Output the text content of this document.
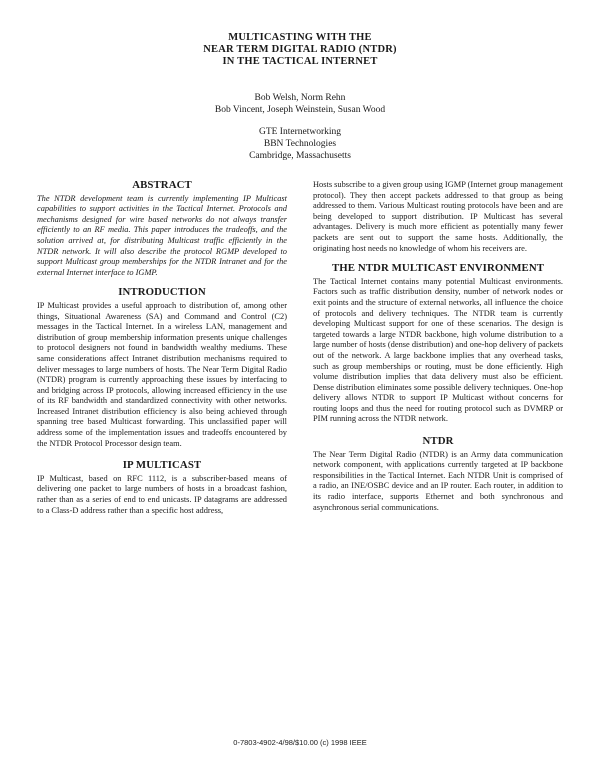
MULTICASTING WITH THE
NEAR TERM DIGITAL RADIO (NTDR)
IN THE TACTICAL INTERNET
Bob Welsh, Norm Rehn
Bob Vincent, Joseph Weinstein, Susan Wood
GTE Internetworking
BBN Technologies
Cambridge, Massachusetts
ABSTRACT

The NTDR development team is currently implementing IP Multicast capabilities to support activities in the Tactical Internet. Protocols and mechanisms designed for wire based networks do not always transfer efficiently to an RF media. This paper introduces the tradeoffs, and the solution arrived at, for distributing Multicast traffic efficiently in the NTDR network. It will also describe the protocol RGMP developed to support Multicast group memberships for the NTDR Intranet and for the external Internet interface to IGMP.

INTRODUCTION

IP Multicast provides a useful approach to distribution of, among other things, Situational Awareness (SA) and Command and Control (C2) messages in the Tactical Internet. In a wireless LAN, management and distribution of group membership information presents unique challenges to protocol designers not found in bandwidth wealthy mediums. These same considerations affect Intranet distribution mechanisms required to deliver messages to large numbers of hosts. The Near Term Digital Radio (NTDR) program is currently approaching these issues by interfacing to and bridging across IP protocols, allowing increased efficiency in the use of its RF bandwidth and standardized connectivity with other networks. Increased Intranet distribution efficiency is also being achieved through spanning tree based Multicast forwarding. This unclassified paper will address some of the implementation issues and tradeoffs encountered by the NTDR Protocol Processor design team.

IP MULTICAST

IP Multicast, based on RFC 1112, is a subscriber-based means of delivering one packet to large numbers of hosts in a broadcast fashion, rather than as a series of end to end unicasts. IP datagrams are addressed to a Class-D address rather than a specific host address,

Hosts subscribe to a given group using IGMP (Internet group management protocol). They then accept packets addressed to that group as being addressed to them. Various Multicast routing protocols have been and are being developed to support distribution. IP Multicast has several advantages. Delivery is much more efficient as potentially many fewer packets are sent out to support the same hosts. Additionally, the originating host needs no knowledge of whom his receivers are.

THE NTDR MULTICAST ENVIRONMENT

The Tactical Internet contains many potential Multicast environments. Factors such as traffic distribution density, number of network nodes or exit points and the structure of external networks, all influence the choice of protocols and delivery techniques. The NTDR team is currently developing Multicast support for one of these scenarios. The design is targeted towards a large NTDR backbone, high volume distribution to a large number of hosts (dense distribution) and one-hop delivery of packets out of the network. A large backbone implies that any overhead tasks, such as group memberships or routing, must be done efficiently. High volume distribution implies that data delivery must also be efficient. Dense distribution eliminates some possible delivery techniques. One-hop delivery allows NTDR to support IP Multicast without concerns for routing loops and thus the need for routing protocol such as DVMRP or PIM running across the NTDR network.

NTDR

The Near Term Digital Radio (NTDR) is an Army data communication network component, with applications currently targeted at IP backbone responsibilities in the Tactical Internet. Each NTDR Unit is comprised of a radio, an INE/OSBC device and an IP router. Each router, in addition to its radio interface, supports Ethernet and both synchronous and asynchronous serial communications.

0-7803-4902-4/98/$10.00 (c) 1998 IEEE
